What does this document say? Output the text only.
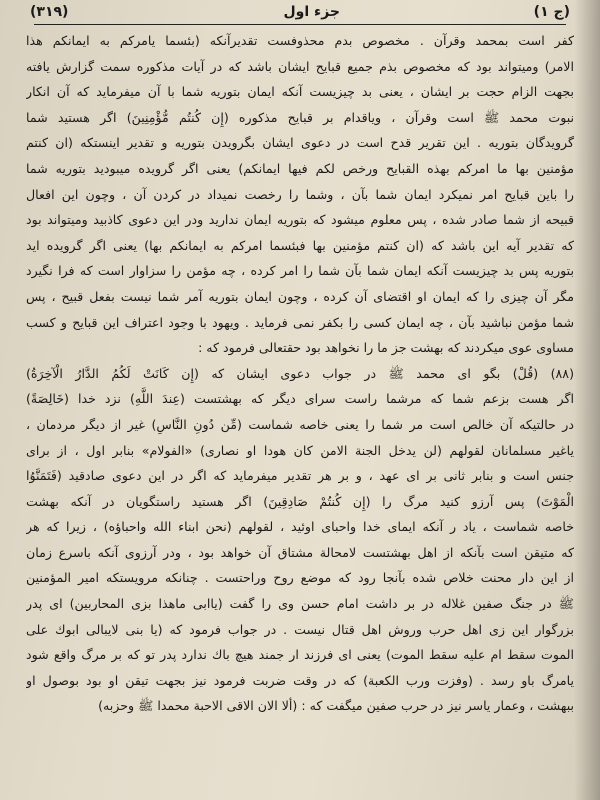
(ج ١)
جزء اول
(٣١٩)
كفر است بمحمد وقرآن . مخصوص بدم محذوفست تقديرآنكه (بئسما يامركم به ايمانكم هذا
الامر) وميتواند بود كه مخصوص بذم جميع قبايح ايشان باشد كه در آيات مذكوره سمت گزارش يافته
بجهت الزام حجت بر ايشان ، يعنى بد چيزيست آنكه ايمان بتوريه شما با آن ميفرمايد كه آن انكار
نبوت محمد ﷺ است وقرآن ، وياقدام بر قبايح مذكوره (إِن كُنتُم مُّؤْمِنِينَ) اگر هستيد شما
گرويدگان بتوريه . اين تقرير قدح است در دعوى ايشان بگرويدن بتوريه و تقدير اينستكه (ان كنتم
مؤمنين بها ما امركم بهذه القبايح ورخص لكم فيها ايمانكم) يعنى اگر گرويده ميبوديد بتوريه شما
را باين قبايح امر نميكرد ايمان شما بآن ، وشما را رخصت نميداد در كردن آن ، وچون اين افعال
قبيحه از شما صادر شده ، پس معلوم ميشود كه بتوريه ايمان نداريد ودر اين دعوى كاذبيد وميتواند بود
كه تقدير آيه اين باشد كه (ان كنتم مؤمنين بها فبئسما امركم به ايمانكم بها) يعنى اگر گرويده ايد
بتوريه پس بد چيزيست آنكه ايمان شما بآن شما را امر كرده ، چه مؤمن را سزاوار است كه فرا نگيرد
مگر آن چيزى را كه ايمان او اقتضاى آن كرده ، وچون ايمان بتوريه آمر شما نيست بفعل قبيح ، پس
شما مؤمن نباشيد بآن ، چه ايمان كسى را بكفر نمى فرمايد . ويهود با وجود اعتراف اين قبايح و كسب
مساوى عوى ميكردند كه بهشت جز ما را نخواهد بود حقتعالى فرمود كه :
(٨٨) (قُلْ) بگو اى محمد ﷺ در جواب دعوى ايشان كه (إِن كَانَتْ لَكُمُ الدَّارُ الْآخِرَةُ)
اگر هست بزعم شما كه مرشما راست سراى ديگر كه بهشتست (عِندَ اللَّهِ) نزد خدا (خَالِصَةً)
در حالتيكه آن خالص است مر شما را يعنى خاصه شماست (مِّن دُونِ النَّاسِ) غير از ديگر مردمان ،
ياغير مسلمانان لقولهم (لن يدخل الجنة الامن كان هودا او نصارى) «الفولام» بنابر اول ، از براى
جنس است و بنابر ثانى بر اى عهد ، و بر هر تقدير ميفرمايد كه اگر در اين دعوى صادقيد (فَتَمَنَّوُا
الْمَوْتَ) پس آرزو كنيد مرگ را (إِن كُنتُمْ صَادِقِينَ) اگر هستيد راستگويان در آنكه بهشت
خاصه شماست ، ياد ر آنكه ايماى خدا واحباى اوئيد ، لقولهم (نحن ابناء الله واحباؤه) ، زيرا كه هر
كه متيقن است بآنكه از اهل بهشتست لامحالة مشتاق آن خواهد بود ، ودر آرزوى آنكه باسرع زمان
از اين دار محنت خلاص شده بآنجا رود كه موضع روح وراحتست . چنانكه مرويستكه امير المؤمنين
ﷺ در جنگ صفين غلاله در بر داشت امام حسن وى را گفت (ياابى ماهذا بزى المحاربين) اى پدر
بزرگوار اين زى اهل حرب وروش اهل قتال نيست . در جواب فرمود كه (يا بنى لايبالى ابوك على
الموت سقط ام عليه سقط الموت) يعنى اى فرزند ار جمند هيچ باك ندارد پدر تو كه بر مرگ واقع شود
يامرگ باو رسد . (وفزت ورب الكعبة) كه در وقت ضربت فرمود نيز بجهت تيقن او بود بوصول او
ببهشت ، وعمار ياسر نيز در حرب صفين ميگفت كه : (ألا الان الاقى الاحبة محمدا ﷺ وحزبه)
